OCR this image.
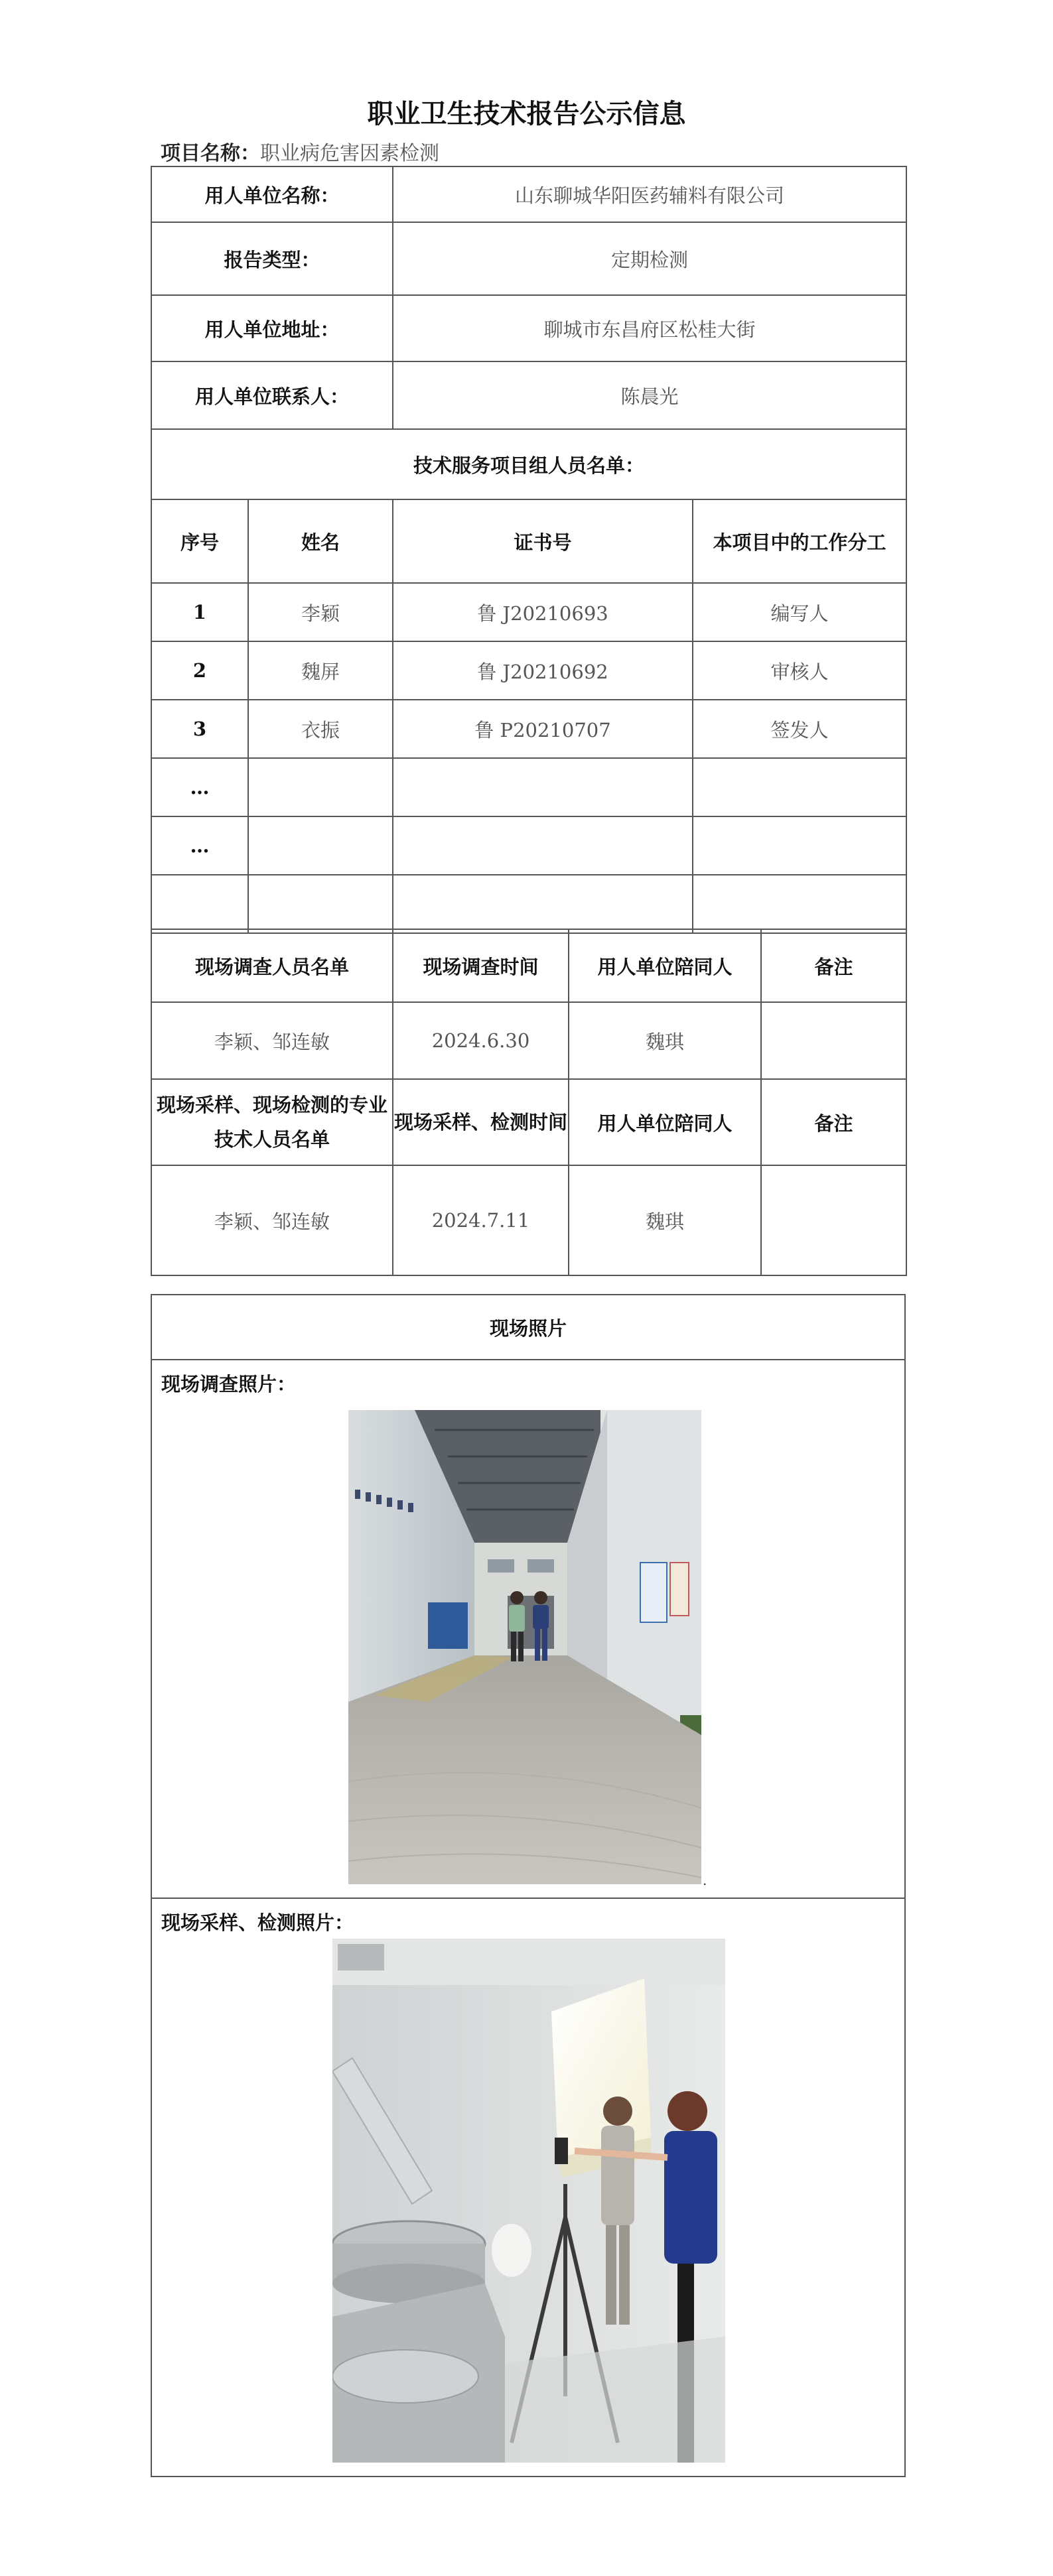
职业卫生技术报告公示信息
项目名称：职业病危害因素检测
用人单位名称：		山东聊城华阳医药辅料有限公司	
报告类型：		定期检测	
用人单位地址：		聊城市东昌府区松桂大街	
用人单位联系人：		陈晨光	
技术服务项目组人员名单：			
序号	姓名	证书号	本项目中的工作分工
1	李颖	鲁 J20210693	编写人
2	魏屏	鲁 J20210692	审核人
3	衣振	鲁 P20210707	签发人
…			
…			

现场调查人员名单	现场调查时间	用人单位陪同人	备注
李颖、邹连敏	2024.6.30	魏琪	
现场采样、现场检测的专业技术人员名单	现场采样、检测时间	用人单位陪同人	备注
李颖、邹连敏	2024.7.11	魏琪	
现场照片

现场调查照片：
.

现场采样、检测照片：
